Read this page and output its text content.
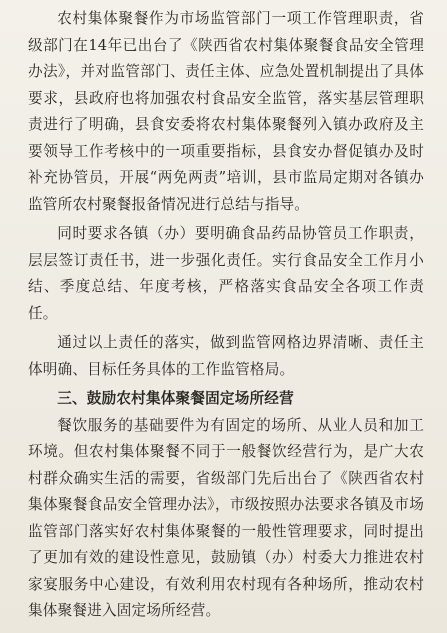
农村集体聚餐作为市场监管部门一项工作管理职责，省级部门在14年已出台了《陕西省农村集体聚餐食品安全管理办法》，并对监管部门、责任主体、应急处置机制提出了具体要求，县政府也将加强农村食品安全监管，落实基层管理职责进行了明确，县食安委将农村集体聚餐列入镇办政府及主要领导工作考核中的一项重要指标，县食安办督促镇办及时补充协管员，开展“两免两责”培训，县市监局定期对各镇办监管所农村聚餐报备情况进行总结与指导。

同时要求各镇（办）要明确食品药品协管员工作职责，层层签订责任书，进一步强化责任。实行食品安全工作月小结、季度总结、年度考核，严格落实食品安全各项工作责任。

通过以上责任的落实，做到监管网格边界清晰、责任主体明确、目标任务具体的工作监管格局。

三、鼓励农村集体聚餐固定场所经营

餐饮服务的基础要件为有固定的场所、从业人员和加工环境。但农村集体聚餐不同于一般餐饮经营行为，是广大农村群众确实生活的需要，省级部门先后出台了《陕西省农村集体聚餐食品安全管理办法》，市级按照办法要求各镇及市场监管部门落实好农村集体聚餐的一般性管理要求，同时提出了更加有效的建设性意见，鼓励镇（办）村委大力推进农村家宴服务中心建设，有效利用农村现有各种场所，推动农村集体聚餐进入固定场所经营。
